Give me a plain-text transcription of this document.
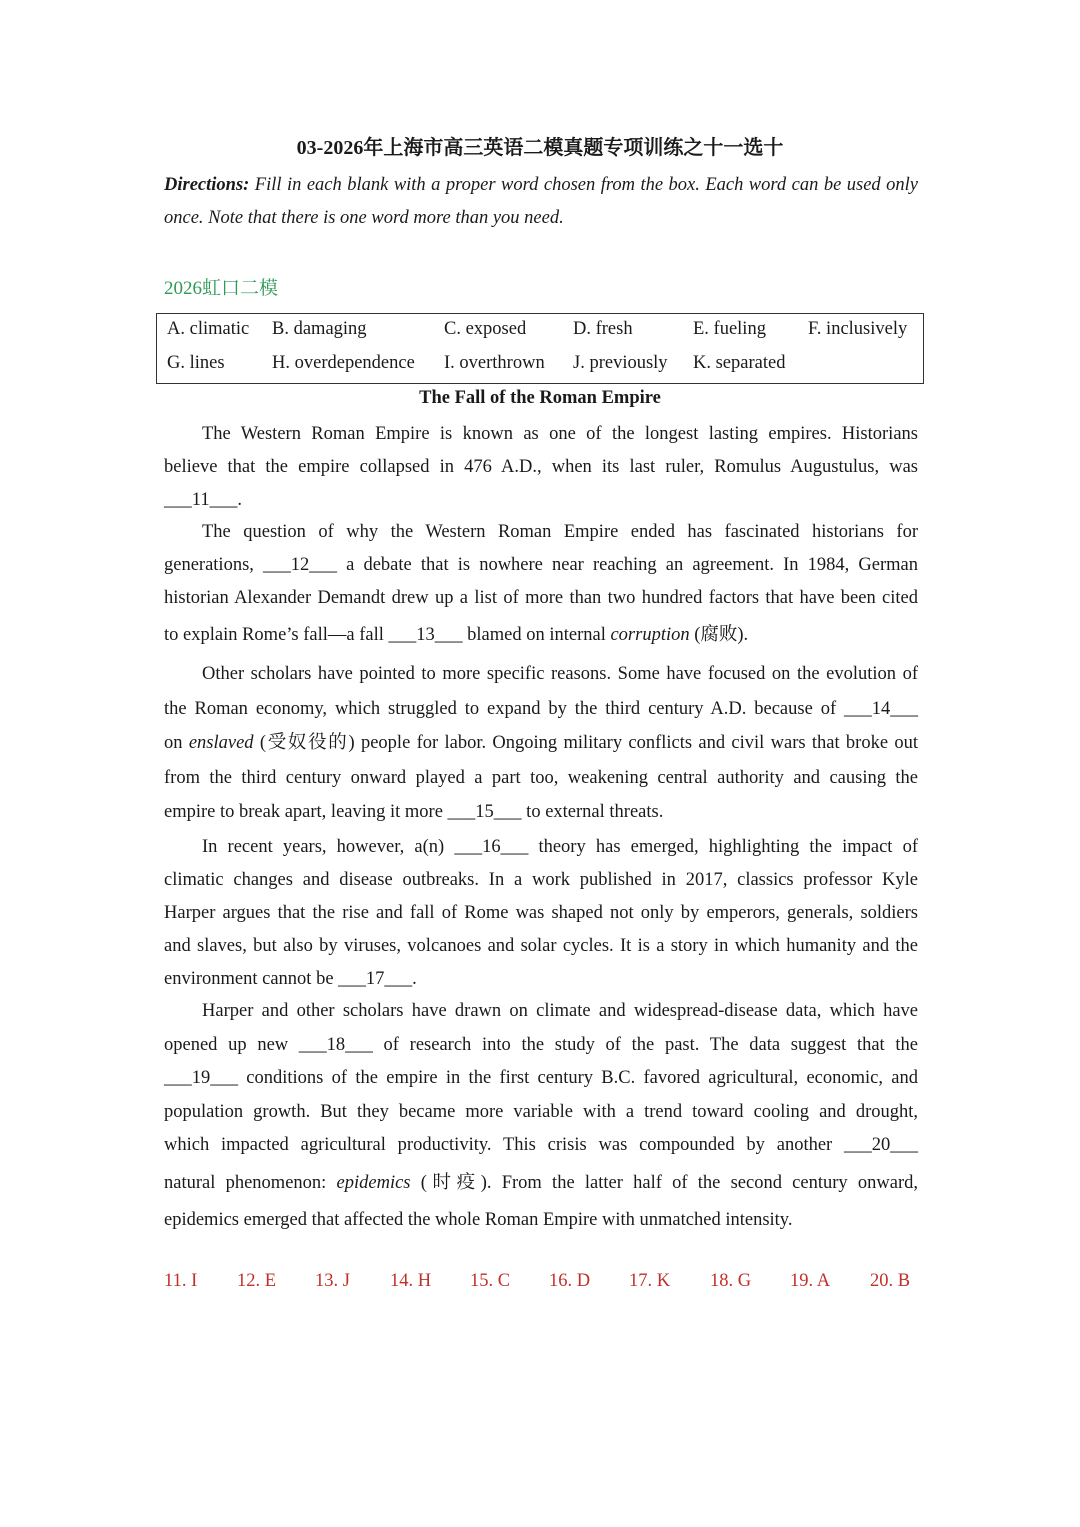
03-2026年上海市高三英语二模真题专项训练之十一选十
Directions: Fill in each blank with a proper word chosen from the box. Each word can be used only once. Note that there is one word more than you need.
2026虹口二模
A. climatic B. damaging	C. exposed	D. fresh	E. fueling F. inclusively
G. lines	H. overdependence I. overthrown J. previously K. separated
The Fall of the Roman Empire
The Western Roman Empire is known as one of the longest lasting empires. Historians
believe that the empire collapsed in 476 A.D., when its last ruler, Romulus Augustulus, was
___11___.
The question of why the Western Roman Empire ended has fascinated historians for
generations, ___12___ a debate that is nowhere near reaching an agreement. In 1984, German
historian Alexander Demandt drew up a list of more than two hundred factors that have been cited
to explain Rome’s fall—a fall ___13___ blamed on internal corruption (腐败).
Other scholars have pointed to more specific reasons. Some have focused on the evolution of
the Roman economy, which struggled to expand by the third century A.D. because of ___14___
on enslaved (受奴役的) people for labor. Ongoing military conflicts and civil wars that broke out
from the third century onward played a part too, weakening central authority and causing the
empire to break apart, leaving it more ___15___ to external threats.
In recent years, however, a(n) ___16___ theory has emerged, highlighting the impact of
climatic changes and disease outbreaks. In a work published in 2017, classics professor Kyle
Harper argues that the rise and fall of Rome was shaped not only by emperors, generals, soldiers
and slaves, but also by viruses, volcanoes and solar cycles. It is a story in which humanity and the
environment cannot be ___17___.
Harper and other scholars have drawn on climate and widespread-disease data, which have
opened up new ___18___ of research into the study of the past. The data suggest that the
___19___ conditions of the empire in the first century B.C. favored agricultural, economic, and
population growth. But they became more variable with a trend toward cooling and drought,
which impacted agricultural productivity. This crisis was compounded by another ___20___
natural phenomenon: epidemics (时疫). From the latter half of the second century onward,
epidemics emerged that affected the whole Roman Empire with unmatched intensity.
11. I 12. E 13. J 14. H 15. C 16. D 17. K 18. G 19. A 20. B
